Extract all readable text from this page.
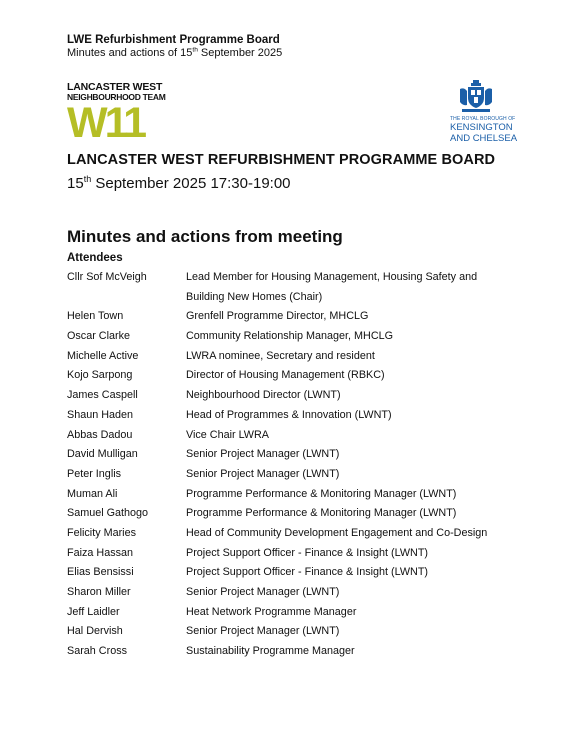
LWE Refurbishment Programme Board
Minutes and actions of 15th September 2025
LANCASTER WEST
NEIGHBOURHOOD TEAM
W11	THE ROYAL BOROUGH OF
KENSINGTON
AND CHELSEA
LANCASTER WEST REFURBISHMENT PROGRAMME BOARD
15th September 2025 17:30-19:00
Minutes and actions from meeting
Attendees
Cllr Sof McVeigh	Lead Member for Housing Management, Housing Safety and Building New Homes (Chair)
Helen Town	Grenfell Programme Director, MHCLG
Oscar Clarke	Community Relationship Manager, MHCLG
Michelle Active	LWRA nominee, Secretary and resident
Kojo Sarpong	Director of Housing Management (RBKC)
James Caspell	Neighbourhood Director (LWNT)
Shaun Haden	Head of Programmes & Innovation (LWNT)
Abbas Dadou	Vice Chair LWRA
David Mulligan	Senior Project Manager (LWNT)
Peter Inglis	Senior Project Manager (LWNT)
Muman Ali	Programme Performance & Monitoring Manager (LWNT)
Samuel Gathogo	Programme Performance & Monitoring Manager (LWNT)
Felicity Maries	Head of Community Development Engagement and Co-Design
Faiza Hassan	Project Support Officer - Finance & Insight (LWNT)
Elias Bensissi	Project Support Officer - Finance & Insight (LWNT)
Sharon Miller	Senior Project Manager (LWNT)
Jeff Laidler	Heat Network Programme Manager
Hal Dervish	Senior Project Manager (LWNT)
Sarah Cross	Sustainability Programme Manager
